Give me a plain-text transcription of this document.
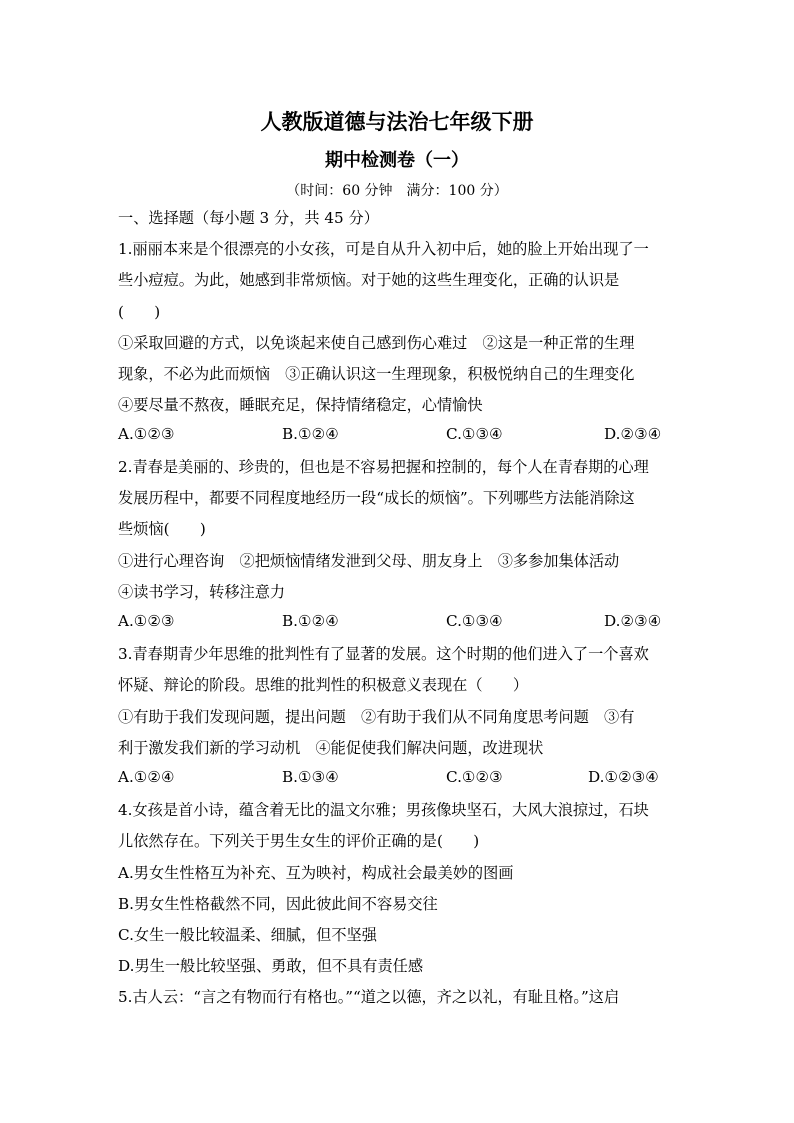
人教版道德与法治七年级下册
期中检测卷（一）
（时间：60 分钟　满分：100 分）
一、选择题（每小题 3 分，共 45 分）
1.丽丽本来是个很漂亮的小女孩，可是自从升入初中后，她的脸上开始出现了一
些小痘痘。为此，她感到非常烦恼。对于她的这些生理变化，正确的认识是
(　　)
①采取回避的方式，以免谈起来使自己感到伤心难过　②这是一种正常的生理
现象，不必为此而烦恼　③正确认识这一生理现象，积极悦纳自己的生理变化
④要尽量不熬夜，睡眠充足，保持情绪稳定，心情愉快
A.①②③	B.①②④	C.①③④	D.②③④
2.青春是美丽的、珍贵的，但也是不容易把握和控制的，每个人在青春期的心理
发展历程中，都要不同程度地经历一段“成长的烦恼”。下列哪些方法能消除这
些烦恼(　　)
①进行心理咨询　②把烦恼情绪发泄到父母、朋友身上　③多参加集体活动
④读书学习，转移注意力
A.①②③	B.①②④	C.①③④	D.②③④
3.青春期青少年思维的批判性有了显著的发展。这个时期的他们进入了一个喜欢
怀疑、辩论的阶段。思维的批判性的积极意义表现在（　　）
①有助于我们发现问题，提出问题　②有助于我们从不同角度思考问题　③有
利于激发我们新的学习动机　④能促使我们解决问题，改进现状
A.①②④	B.①③④	C.①②③	D.①②③④
4.女孩是首小诗，蕴含着无比的温文尔雅；男孩像块坚石，大风大浪掠过，石块
儿依然存在。下列关于男生女生的评价正确的是(　　)
A.男女生性格互为补充、互为映衬，构成社会最美妙的图画
B.男女生性格截然不同，因此彼此间不容易交往
C.女生一般比较温柔、细腻，但不坚强
D.男生一般比较坚强、勇敢，但不具有责任感
5.古人云：“言之有物而行有格也。”“道之以德，齐之以礼，有耻且格。”这启
